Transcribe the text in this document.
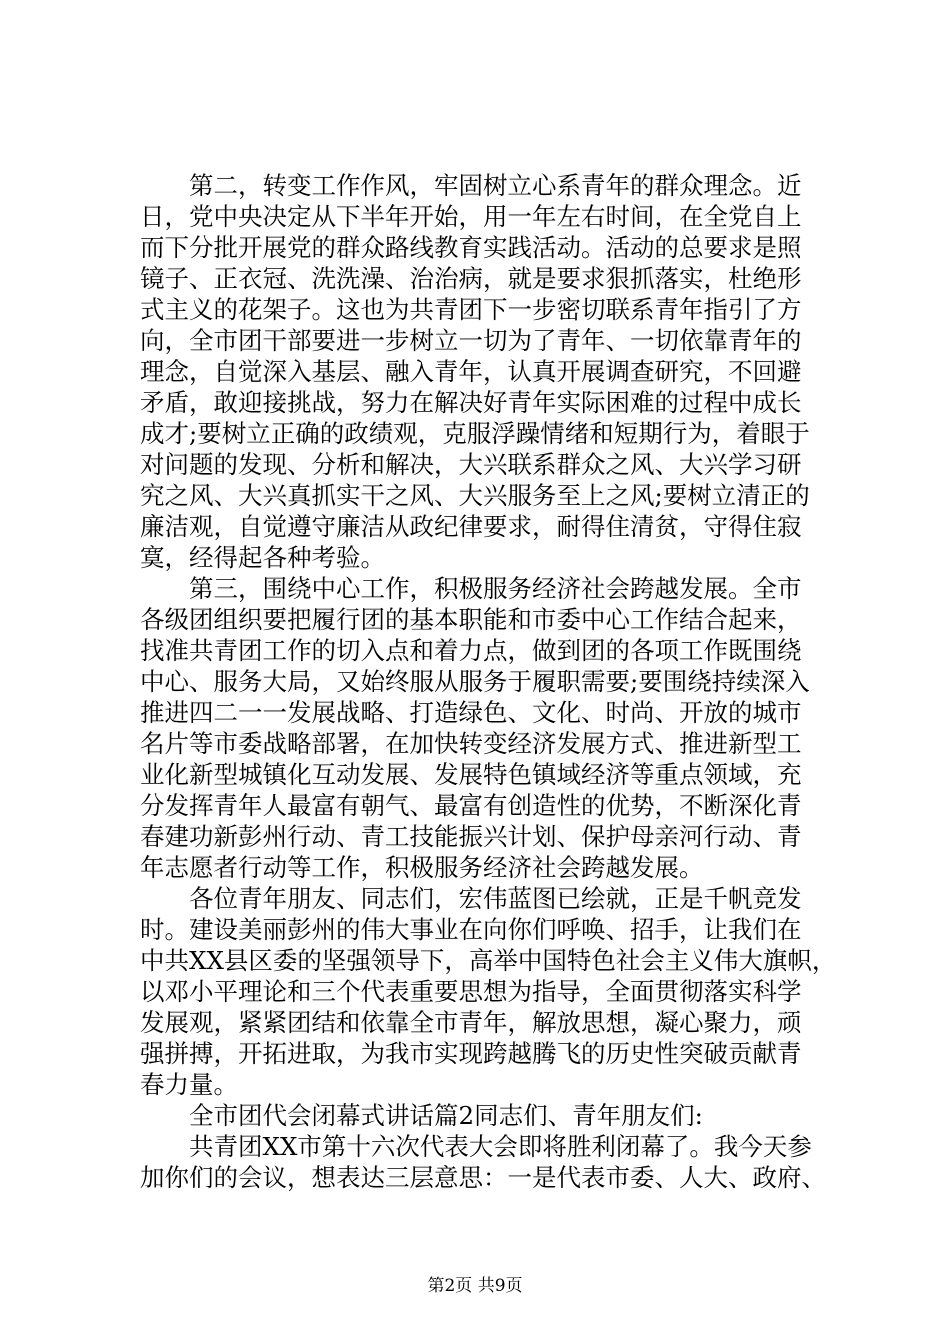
　　第二，转变工作作风，牢固树立心系青年的群众理念。近
日，党中央决定从下半年开始，用一年左右时间，在全党自上
而下分批开展党的群众路线教育实践活动。活动的总要求是照
镜子、正衣冠、洗洗澡、治治病，就是要求狠抓落实，杜绝形
式主义的花架子。这也为共青团下一步密切联系青年指引了方
向，全市团干部要进一步树立一切为了青年、一切依靠青年的
理念，自觉深入基层、融入青年，认真开展调查研究，不回避
矛盾，敢迎接挑战，努力在解决好青年实际困难的过程中成长
成才;要树立正确的政绩观，克服浮躁情绪和短期行为，着眼于
对问题的发现、分析和解决，大兴联系群众之风、大兴学习研
究之风、大兴真抓实干之风、大兴服务至上之风;要树立清正的
廉洁观，自觉遵守廉洁从政纪律要求，耐得住清贫，守得住寂
寞，经得起各种考验。
　　第三，围绕中心工作，积极服务经济社会跨越发展。全市
各级团组织要把履行团的基本职能和市委中心工作结合起来，
找准共青团工作的切入点和着力点，做到团的各项工作既围绕
中心、服务大局，又始终服从服务于履职需要;要围绕持续深入
推进四二一一发展战略、打造绿色、文化、时尚、开放的城市
名片等市委战略部署，在加快转变经济发展方式、推进新型工
业化新型城镇化互动发展、发展特色镇域经济等重点领域，充
分发挥青年人最富有朝气、最富有创造性的优势，不断深化青
春建功新彭州行动、青工技能振兴计划、保护母亲河行动、青
年志愿者行动等工作，积极服务经济社会跨越发展。
　　各位青年朋友、同志们，宏伟蓝图已绘就，正是千帆竞发
时。建设美丽彭州的伟大事业在向你们呼唤、招手，让我们在
中共XX县区委的坚强领导下，高举中国特色社会主义伟大旗帜，
以邓小平理论和三个代表重要思想为指导，全面贯彻落实科学
发展观，紧紧团结和依靠全市青年，解放思想，凝心聚力，顽
强拼搏，开拓进取，为我市实现跨越腾飞的历史性突破贡献青
春力量。
　　全市团代会闭幕式讲话篇2同志们、青年朋友们:
　　共青团XX市第十六次代表大会即将胜利闭幕了。我今天参
加你们的会议，想表达三层意思：一是代表市委、人大、政府、
第2页 共9页
